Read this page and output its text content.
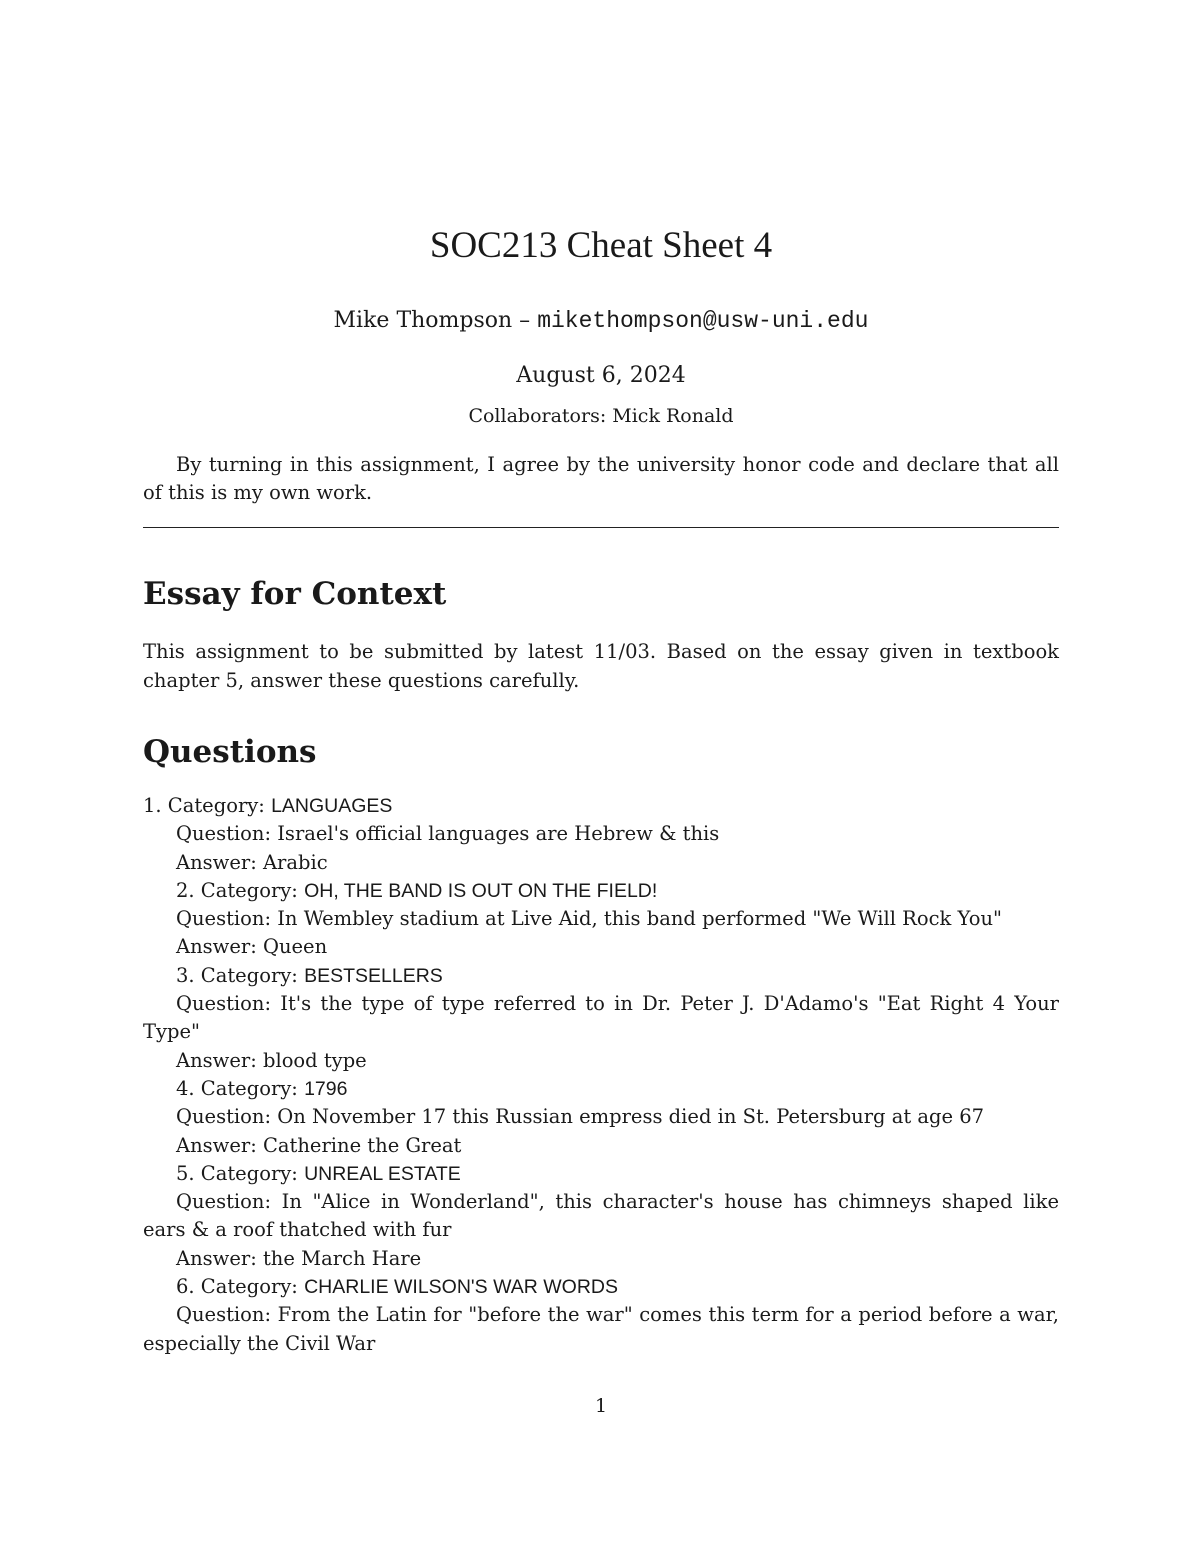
SOC213 Cheat Sheet 4
Mike Thompson – mikethompson@usw-uni.edu
August 6, 2024
Collaborators: Mick Ronald

By turning in this assignment, I agree by the university honor code and declare that all of this is my own work.

Essay for Context

This assignment to be submitted by latest 11/03. Based on the essay given in textbook chapter 5, answer these questions carefully.

Questions
1. Category: LANGUAGES
Question: Israel's official languages are Hebrew & this
Answer: Arabic
2. Category: OH, THE BAND IS OUT ON THE FIELD!
Question: In Wembley stadium at Live Aid, this band performed "We Will Rock You"
Answer: Queen
3. Category: BESTSELLERS
Question: It's the type of type referred to in Dr. Peter J. D'Adamo's "Eat Right 4 Your Type"
Answer: blood type
4. Category: 1796
Question: On November 17 this Russian empress died in St. Petersburg at age 67
Answer: Catherine the Great
5. Category: UNREAL ESTATE
Question: In "Alice in Wonderland", this character's house has chimneys shaped like ears & a roof thatched with fur
Answer: the March Hare
6. Category: CHARLIE WILSON'S WAR WORDS
Question: From the Latin for "before the war" comes this term for a period before a war, especially the Civil War
1
